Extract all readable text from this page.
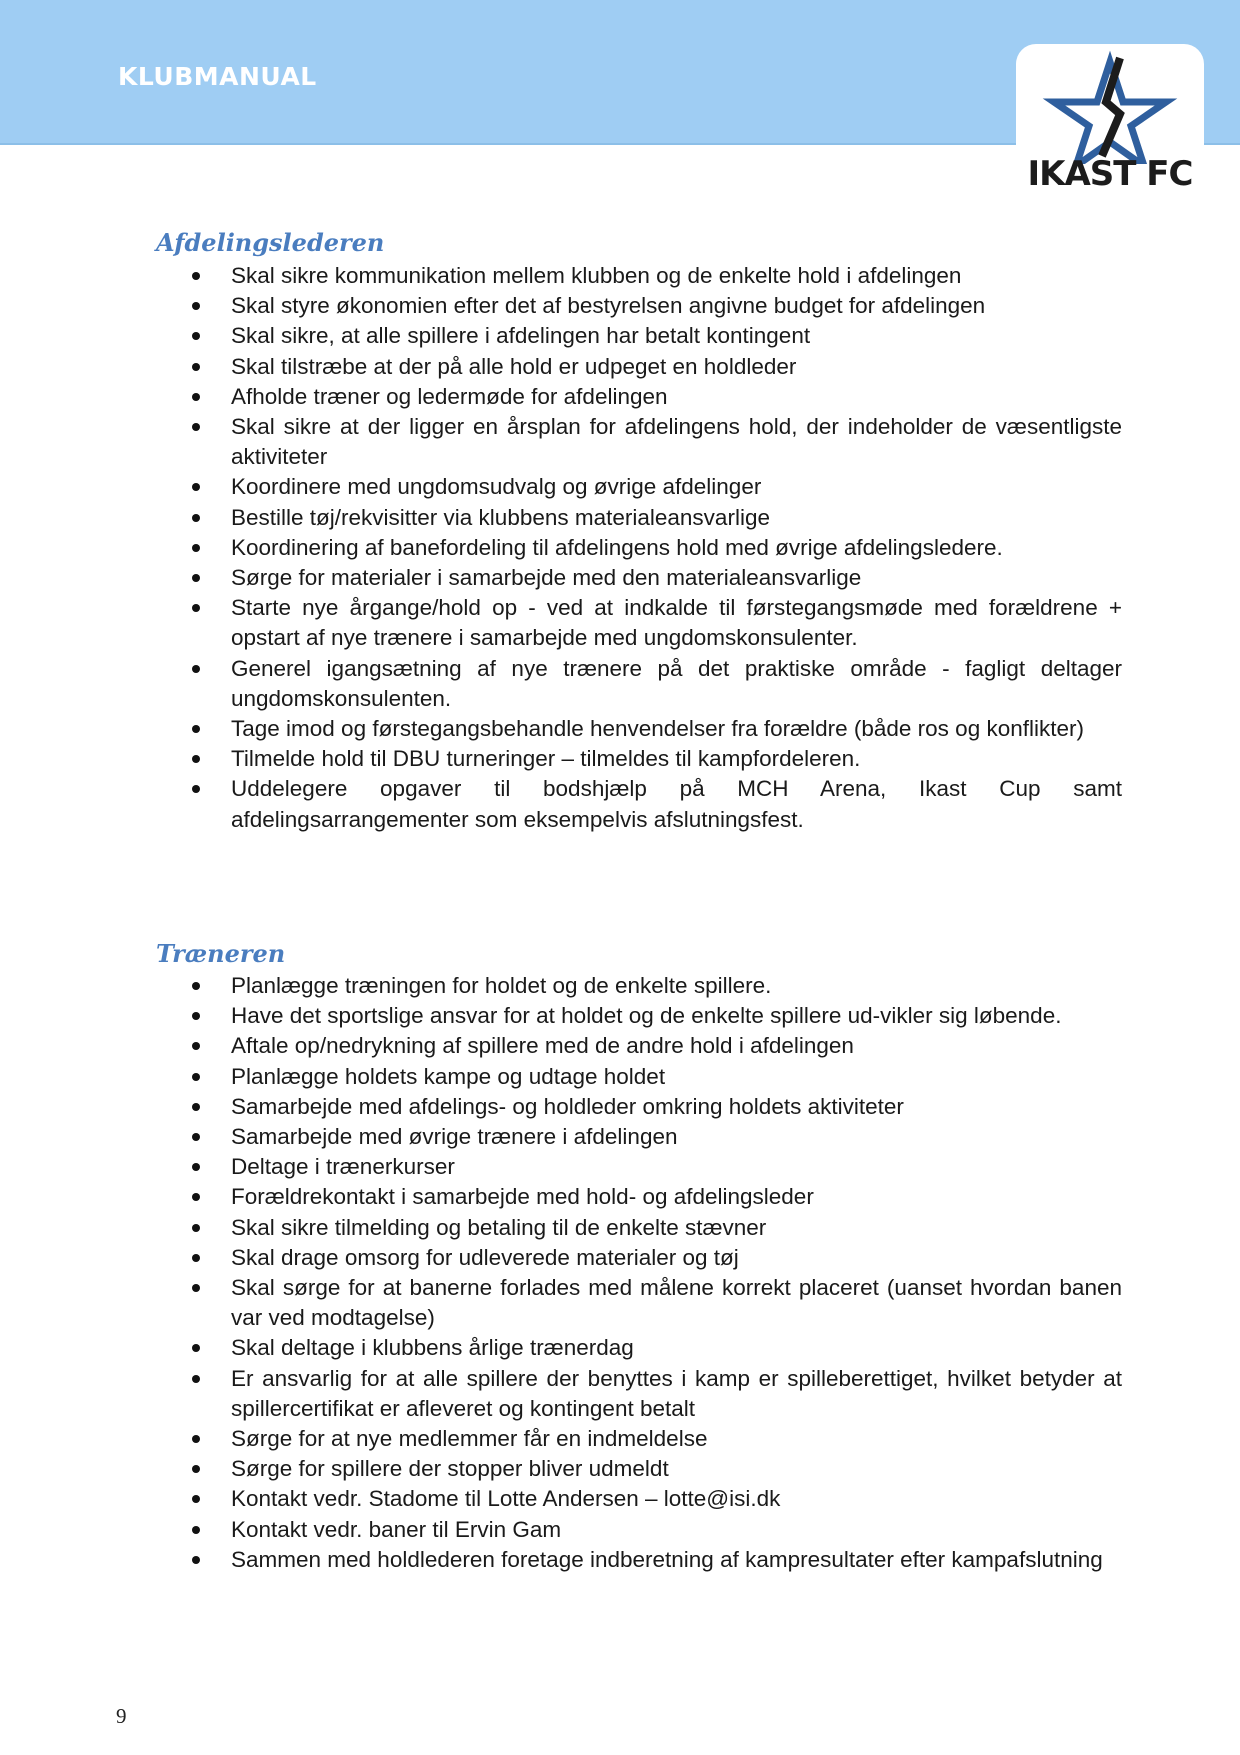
KLUBMANUAL
IKAST FC
Afdelingslederen
Skal sikre kommunikation mellem klubben og de enkelte hold i afdelingen
Skal styre økonomien efter det af bestyrelsen angivne budget for afdelingen
Skal sikre, at alle spillere i afdelingen har betalt kontingent
Skal tilstræbe at der på alle hold er udpeget en holdleder
Afholde træner og ledermøde for afdelingen
Skal sikre at der ligger en årsplan for afdelingens hold, der indeholder de væsentligste aktiviteter
Koordinere med ungdomsudvalg og øvrige afdelinger
Bestille tøj/rekvisitter via klubbens materialeansvarlige
Koordinering af banefordeling til afdelingens hold med øvrige afdelingsledere.
Sørge for materialer i samarbejde med den materialeansvarlige
Starte nye årgange/hold op - ved at indkalde til førstegangsmøde med forældrene + opstart af nye trænere i samarbejde med ungdomskonsulenter.
Generel igangsætning af nye trænere på det praktiske område - fagligt deltager ungdomskonsulenten.
Tage imod og førstegangsbehandle henvendelser fra forældre (både ros og konflikter)
Tilmelde hold til DBU turneringer – tilmeldes til kampfordeleren.
Uddelegere opgaver til bodshjælp på MCH Arena, Ikast Cup samt afdelingsarrangementer som eksempelvis afslutningsfest.
Træneren
Planlægge træningen for holdet og de enkelte spillere.
Have det sportslige ansvar for at holdet og de enkelte spillere ud-vikler sig løbende.
Aftale op/nedrykning af spillere med de andre hold i afdelingen
Planlægge holdets kampe og udtage holdet
Samarbejde med afdelings- og holdleder omkring holdets aktiviteter
Samarbejde med øvrige trænere i afdelingen
Deltage i trænerkurser
Forældrekontakt i samarbejde med hold- og afdelingsleder
Skal sikre tilmelding og betaling til de enkelte stævner
Skal drage omsorg for udleverede materialer og tøj
Skal sørge for at banerne forlades med målene korrekt placeret (uanset hvordan banen var ved modtagelse)
Skal deltage i klubbens årlige trænerdag
Er ansvarlig for at alle spillere der benyttes i kamp er spilleberettiget, hvilket betyder at spillercertifikat er afleveret og kontingent betalt
Sørge for at nye medlemmer får en indmeldelse
Sørge for spillere der stopper bliver udmeldt
Kontakt vedr. Stadome til Lotte Andersen – lotte@isi.dk
Kontakt vedr. baner til Ervin Gam
Sammen med holdlederen foretage indberetning af kampresultater efter kampafslutning
9
